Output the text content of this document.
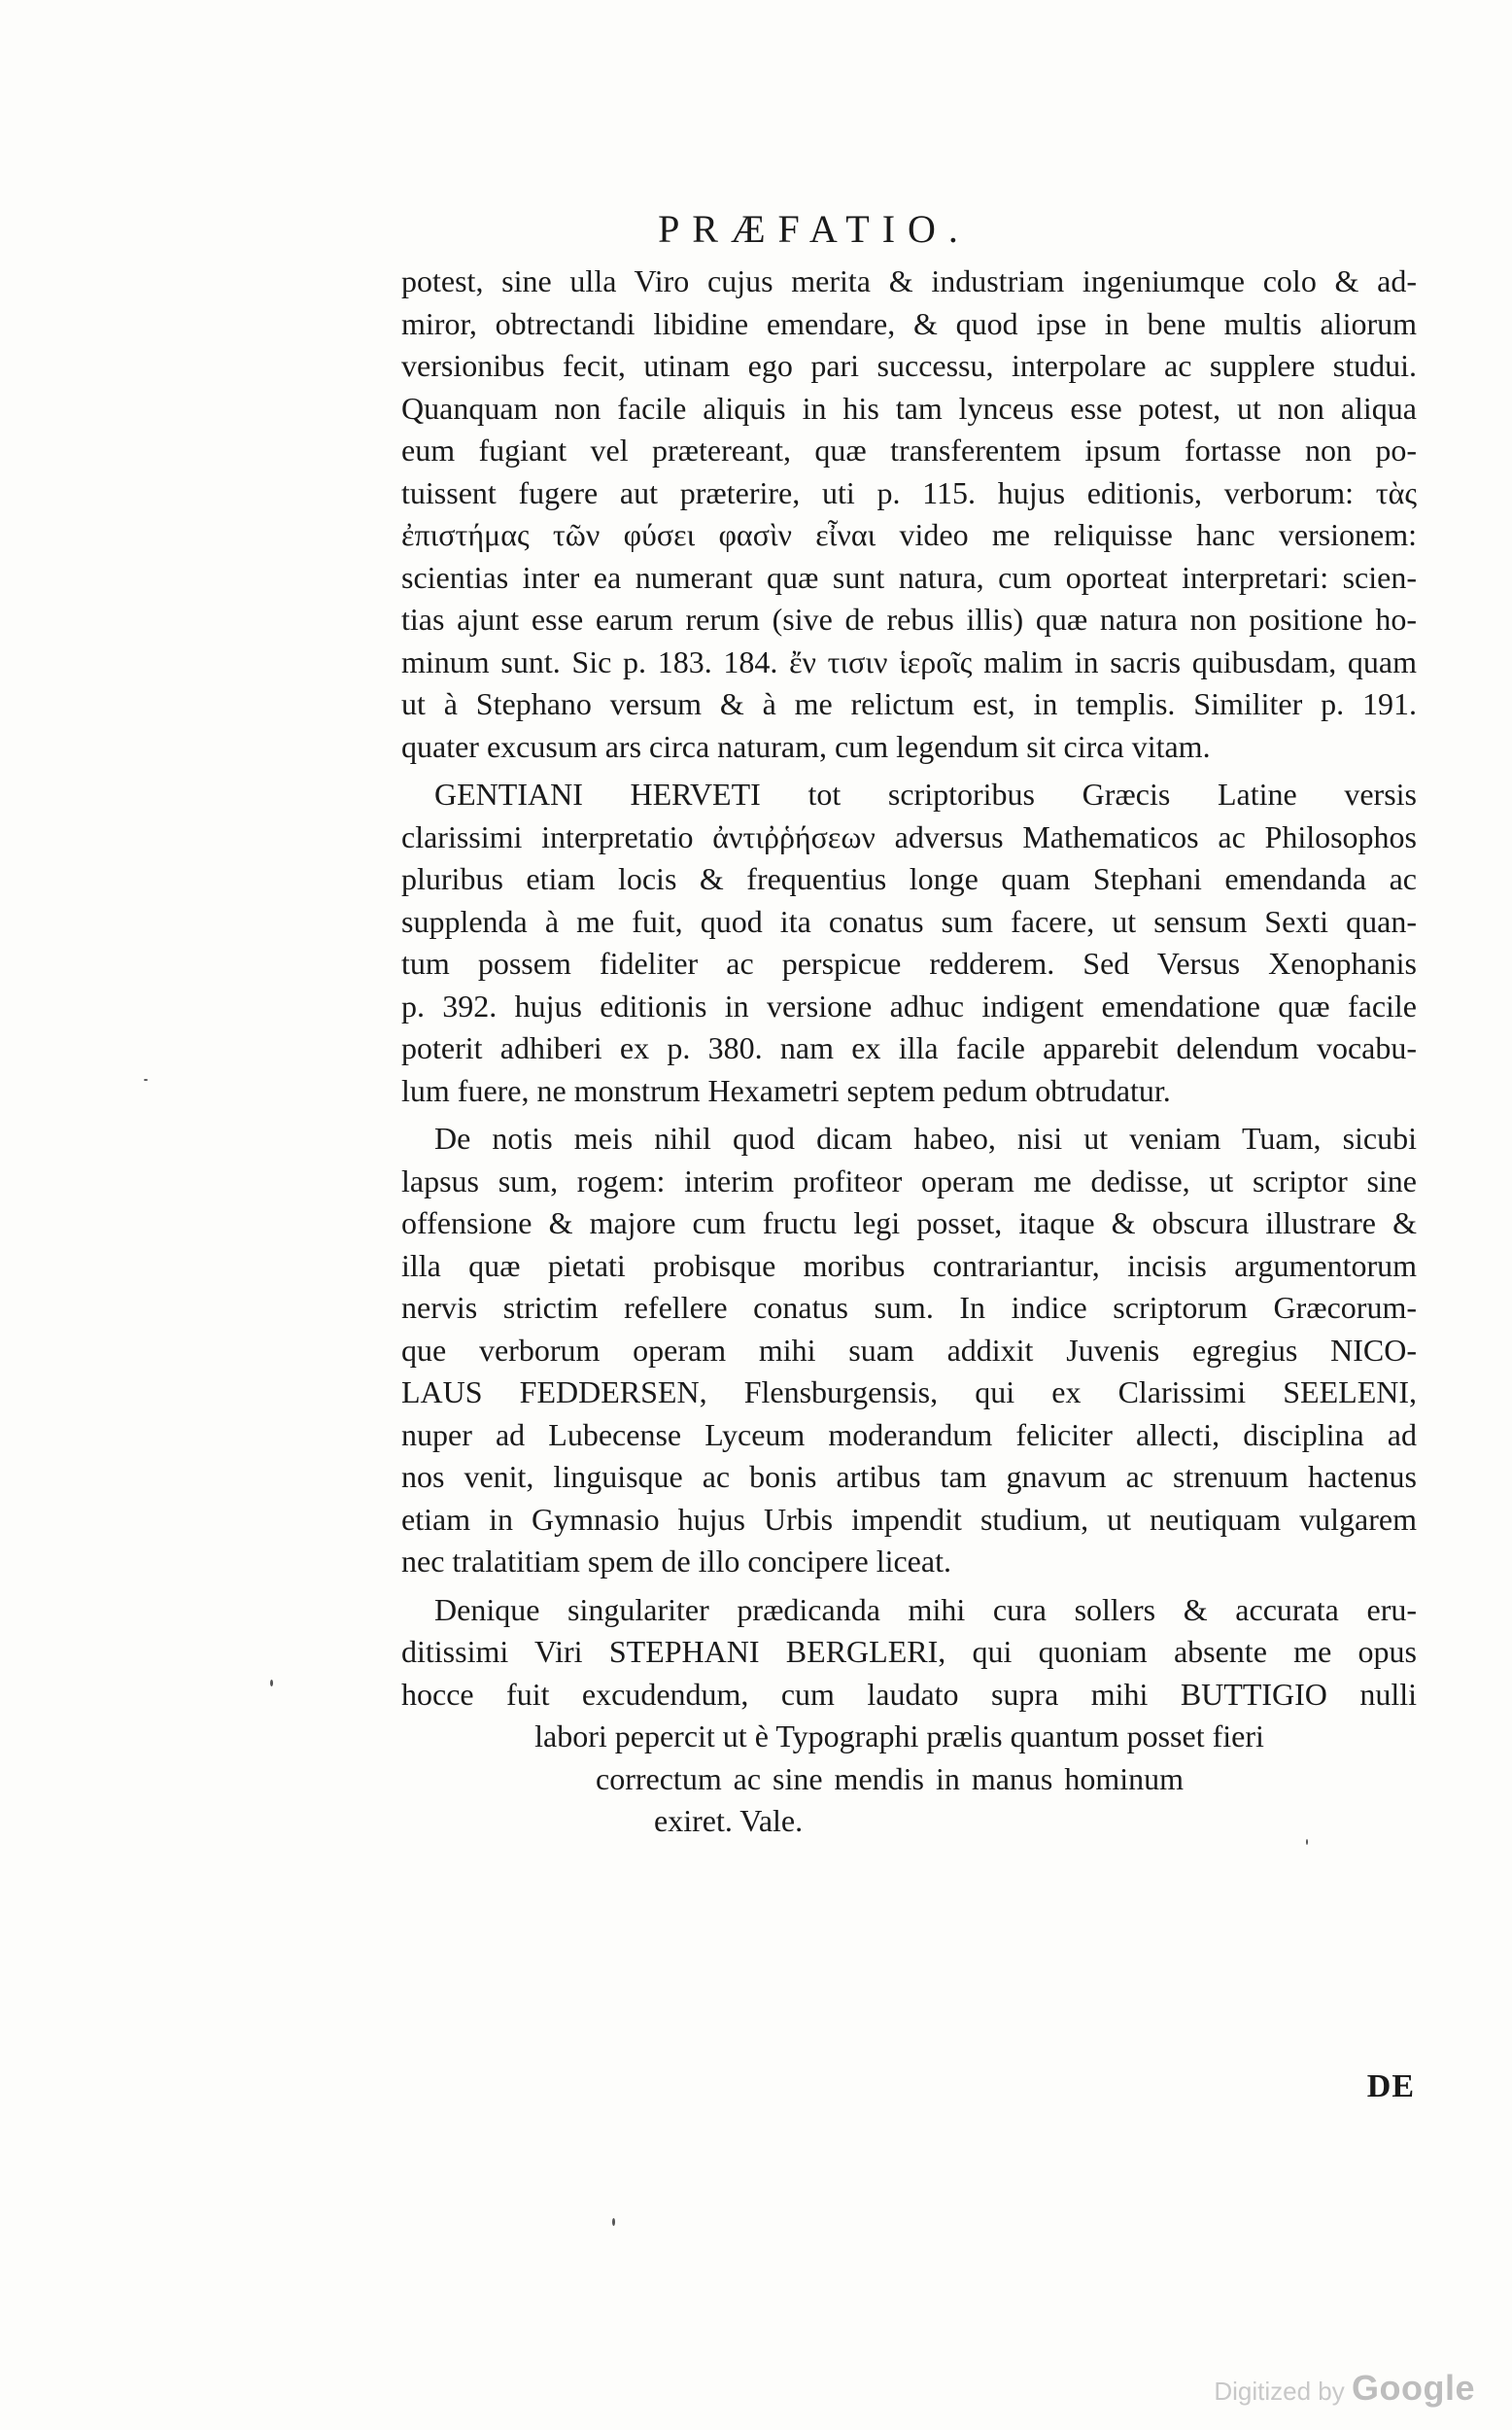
PRÆFATIO.
potest, sine ulla Viro cujus merita & industriam ingeniumque colo & ad-
miror, obtrectandi libidine emendare, & quod ipse in bene multis aliorum
versionibus fecit, utinam ego pari successu, interpolare ac supplere studui.
Quanquam non facile aliquis in his tam lynceus esse potest, ut non aliqua
eum fugiant vel prætereant, quæ transferentem ipsum fortasse non po-
tuissent fugere aut præterire, uti p. 115. hujus editionis, verborum: τὰς
ἐπιστήμας τῶν φύσει φασὶν εἶναι video me reliquisse hanc versionem:
scientias inter ea numerant quæ sunt natura, cum oporteat interpretari: scien-
tias ajunt esse earum rerum (sive de rebus illis) quæ natura non positione ho-
minum sunt. Sic p. 183. 184. ἔν τισιν ἱεροῖς malim in sacris quibusdam, quam
ut à Stephano versum & à me relictum est, in templis. Similiter p. 191.
quater excusum ars circa naturam, cum legendum sit circa vitam.
GENTIANI HERVETI tot scriptoribus Græcis Latine versis
clarissimi interpretatio ἀντιῤῥήσεων adversus Mathematicos ac Philosophos
pluribus etiam locis & frequentius longe quam Stephani emendanda ac
supplenda à me fuit, quod ita conatus sum facere, ut sensum Sexti quan-
tum possem fideliter ac perspicue redderem. Sed Versus Xenophanis
p. 392. hujus editionis in versione adhuc indigent emendatione quæ facile
poterit adhiberi ex p. 380. nam ex illa facile apparebit delendum vocabu-
lum fuere, ne monstrum Hexametri septem pedum obtrudatur.
De notis meis nihil quod dicam habeo, nisi ut veniam Tuam, sicubi
lapsus sum, rogem: interim profiteor operam me dedisse, ut scriptor sine
offensione & majore cum fructu legi posset, itaque & obscura illustrare &
illa quæ pietati probisque moribus contrariantur, incisis argumentorum
nervis strictim refellere conatus sum. In indice scriptorum Græcorum-
que verborum operam mihi suam addixit Juvenis egregius NICO-
LAUS FEDDERSEN, Flensburgensis, qui ex Clarissimi SEELENI,
nuper ad Lubecense Lyceum moderandum feliciter allecti, disciplina ad
nos venit, linguisque ac bonis artibus tam gnavum ac strenuum hactenus
etiam in Gymnasio hujus Urbis impendit studium, ut neutiquam vulgarem
nec tralatitiam spem de illo concipere liceat.
Denique singulariter prædicanda mihi cura sollers & accurata eru-
ditissimi Viri STEPHANI BERGLERI, qui quoniam absente me opus
hocce fuit excudendum, cum laudato supra mihi BUTTIGIO nulli
labori pepercit ut è Typographi prælis quantum posset fieri
correctum ac sine mendis in manus hominum
exiret. Vale.
DE
Digitized by Google
